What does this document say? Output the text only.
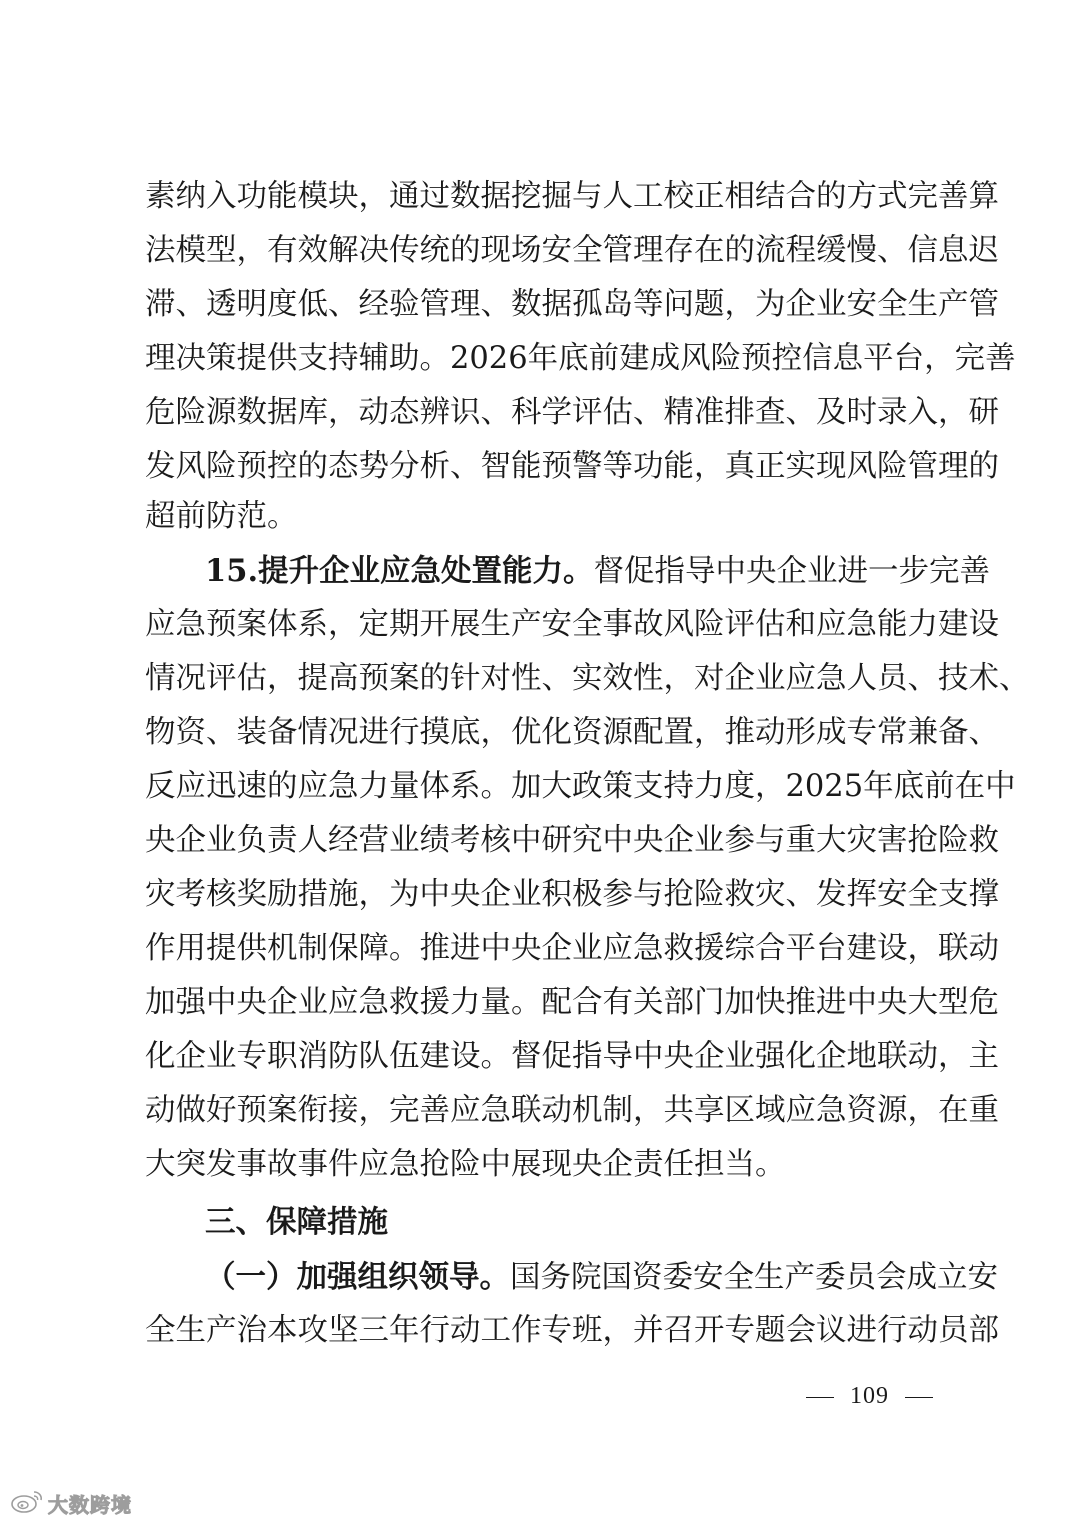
素纳入功能模块，通过数据挖掘与人工校正相结合的方式完善算
法模型，有效解决传统的现场安全管理存在的流程缓慢、信息迟
滞、透明度低、经验管理、数据孤岛等问题，为企业安全生产管
理决策提供支持辅助。2026年底前建成风险预控信息平台，完善
危险源数据库，动态辨识、科学评估、精准排查、及时录入，研
发风险预控的态势分析、智能预警等功能，真正实现风险管理的
超前防范。
15.提升企业应急处置能力。督促指导中央企业进一步完善
应急预案体系，定期开展生产安全事故风险评估和应急能力建设
情况评估，提高预案的针对性、实效性，对企业应急人员、技术、
物资、装备情况进行摸底，优化资源配置，推动形成专常兼备、
反应迅速的应急力量体系。加大政策支持力度，2025年底前在中
央企业负责人经营业绩考核中研究中央企业参与重大灾害抢险救
灾考核奖励措施，为中央企业积极参与抢险救灾、发挥安全支撑
作用提供机制保障。推进中央企业应急救援综合平台建设，联动
加强中央企业应急救援力量。配合有关部门加快推进中央大型危
化企业专职消防队伍建设。督促指导中央企业强化企地联动，主
动做好预案衔接，完善应急联动机制，共享区域应急资源，在重
大突发事故事件应急抢险中展现央企责任担当。
三、保障措施
（一）加强组织领导。国务院国资委安全生产委员会成立安
全生产治本攻坚三年行动工作专班，并召开专题会议进行动员部
109
大数跨境
